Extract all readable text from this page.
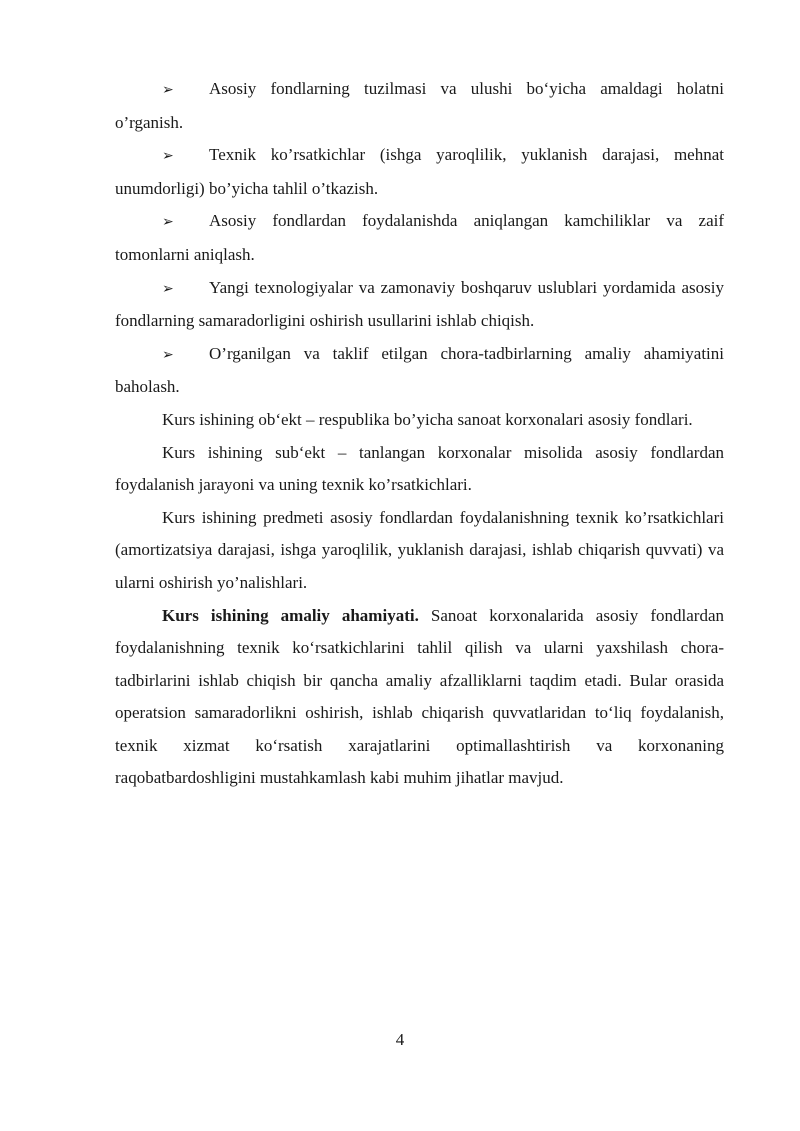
➢ Asosiy fondlarning tuzilmasi va ulushi bo‘yicha amaldagi holatni o’rganish.

➢ Texnik ko’rsatkichlar (ishga yaroqlilik, yuklanish darajasi, mehnat unumdorligi) bo’yicha tahlil o’tkazish.

➢ Asosiy fondlardan foydalanishda aniqlangan kamchiliklar va zaif tomonlarni aniqlash.

➢ Yangi texnologiyalar va zamonaviy boshqaruv uslublari yordamida asosiy fondlarning samaradorligini oshirish usullarini ishlab chiqish.

➢ O’rganilgan va taklif etilgan chora-tadbirlarning amaliy ahamiyatini baholash.

Kurs ishining ob‘ekt – respublika bo’yicha sanoat korxonalari asosiy fondlari.

Kurs ishining sub‘ekt – tanlangan korxonalar misolida asosiy fondlardan foydalanish jarayoni va uning texnik ko’rsatkichlari.

Kurs ishining predmeti asosiy fondlardan foydalanishning texnik ko’rsatkichlari (amortizatsiya darajasi, ishga yaroqlilik, yuklanish darajasi, ishlab chiqarish quvvati) va ularni oshirish yo’nalishlari.

Kurs ishining amaliy ahamiyati. Sanoat korxonalarida asosiy fondlardan foydalanishning texnik ko‘rsatkichlarini tahlil qilish va ularni yaxshilash chora-tadbirlarini ishlab chiqish bir qancha amaliy afzalliklarni taqdim etadi. Bular orasida operatsion samaradorlikni oshirish, ishlab chiqarish quvvatlaridan to‘liq foydalanish, texnik xizmat ko‘rsatish xarajatlarini optimallashtirish va korxonaning raqobatbardoshligini mustahkamlash kabi muhim jihatlar mavjud.

4
